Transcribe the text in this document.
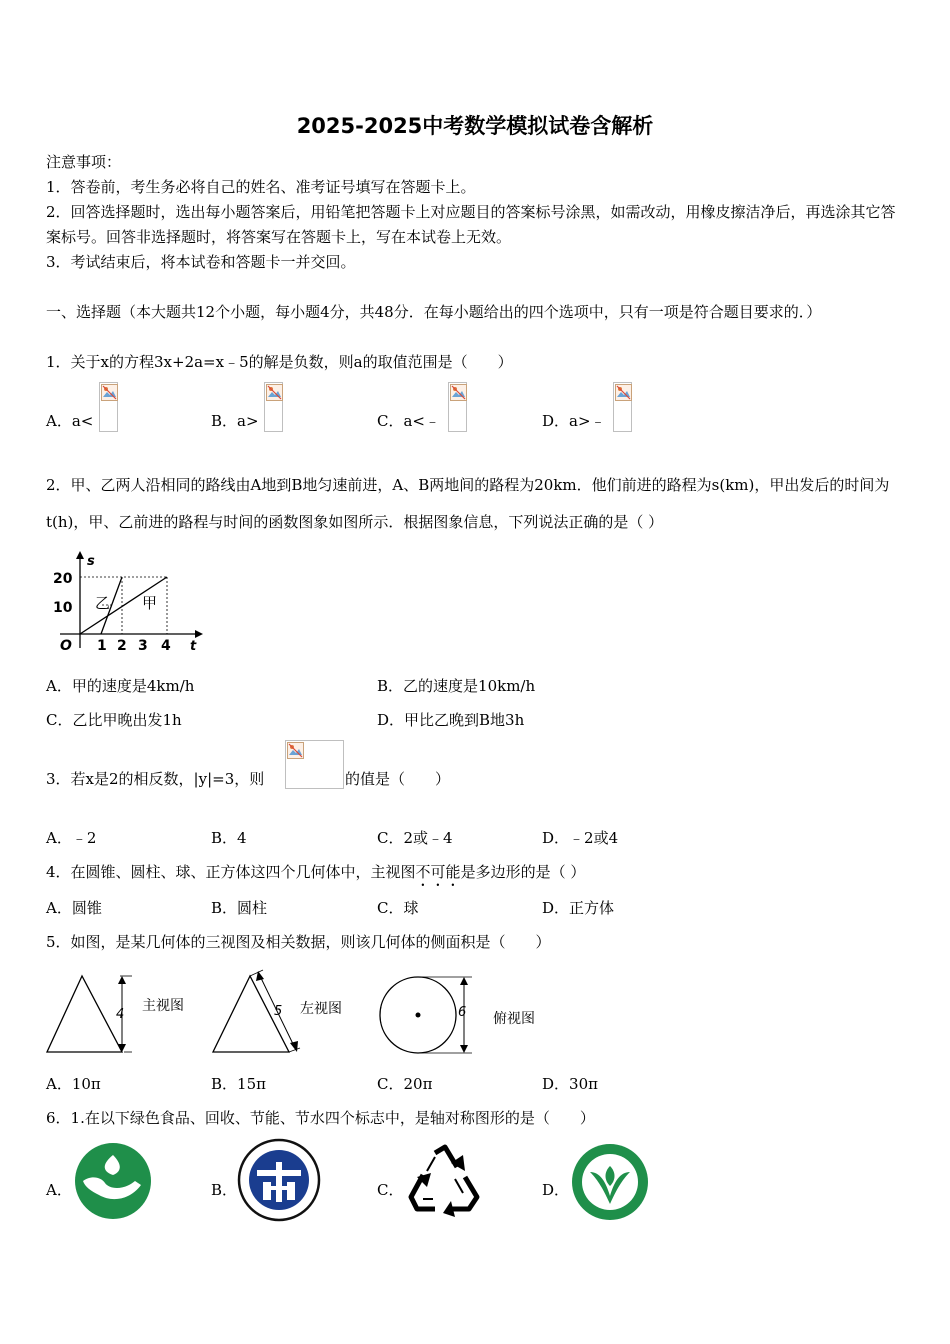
2025-2025中考数学模拟试卷含解析
注意事项：
1．答卷前，考生务必将自己的姓名、准考证号填写在答题卡上。
2．回答选择题时，选出每小题答案后，用铅笔把答题卡上对应题目的答案标号涂黑，如需改动，用橡皮擦洁净后，再选涂其它答案标号。回答非选择题时，将答案写在答题卡上，写在本试卷上无效。
3．考试结束后，将本试卷和答题卡一并交回。
一、选择题（本大题共12个小题，每小题4分，共48分．在每小题给出的四个选项中，只有一项是符合题目要求的．）
1．关于x的方程3x+2a=x﹣5的解是负数，则a的取值范围是（　　）
A．a<	B．a>	C．a<﹣	D．a>﹣
2．甲、乙两人沿相同的路线由A地到B地匀速前进，A、B两地间的路程为20km．他们前进的路程为s(km)，甲出发后的时间为t(h)，甲、乙前进的路程与时间的函数图象如图所示．根据图象信息，下列说法正确的是（ ）
s
t
O
20
10
1 2 3 4
乙 甲
A．甲的速度是4km/h	B．乙的速度是10km/h
C．乙比甲晚出发1h	D．甲比乙晚到B地3h
3．若x是2的相反数，|y|=3，则	的值是（　　）
A．﹣2	B．4	C．2或﹣4	D．﹣2或4
4．在圆锥、圆柱、球、正方体这四个几何体中，主视图不可能是多边形的是（ ）
A．圆锥	B．圆柱	C．球	D．正方体
5．如图，是某几何体的三视图及相关数据，则该几何体的侧面积是（　　）
4
主视图	5 左视图	6 俯视图
A．10π	B．15π	C．20π	D．30π
6．1.在以下绿色食品、回收、节能、节水四个标志中，是轴对称图形的是（　　）
A．	B．	C．	D．
